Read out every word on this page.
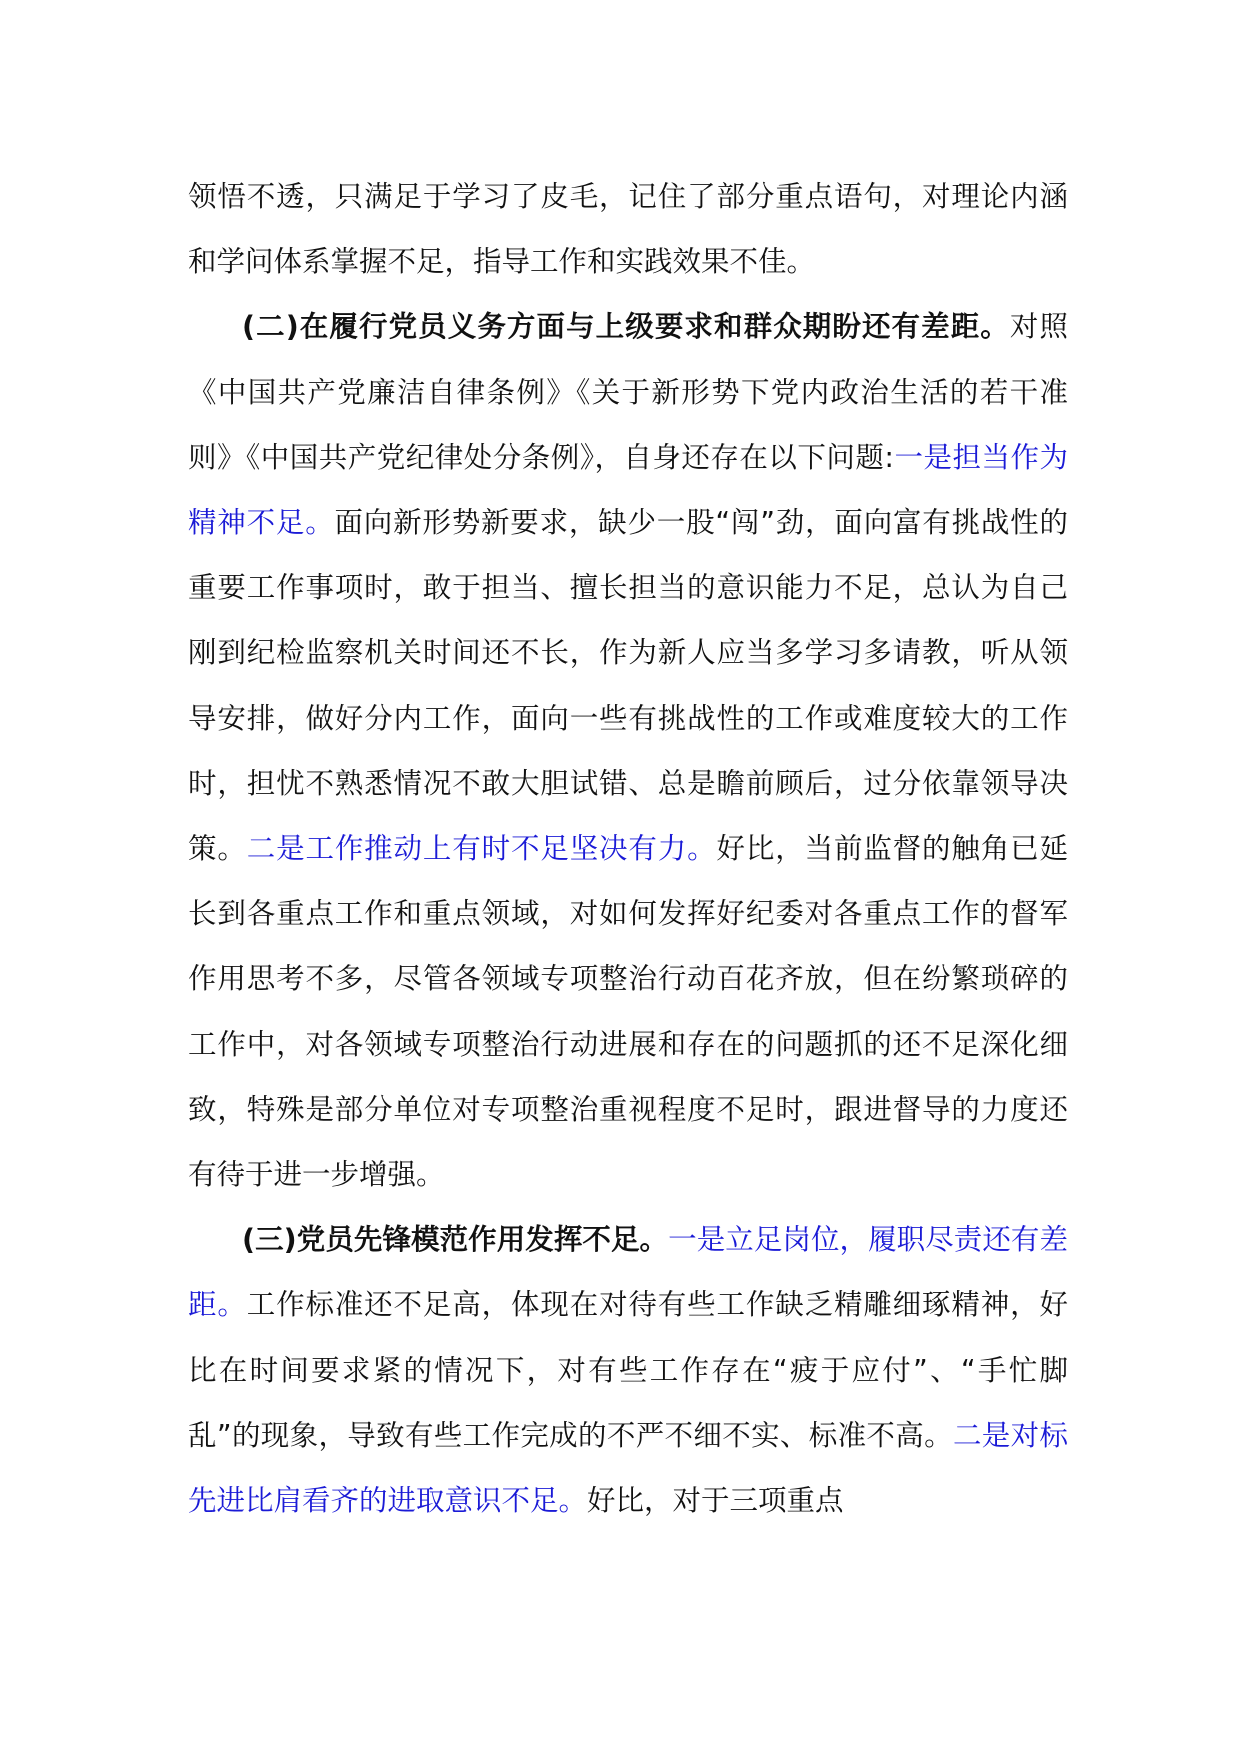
领悟不透，只满足于学习了皮毛，记住了部分重点语句，对理论内涵和学问体系掌握不足，指导工作和实践效果不佳。

(二)在履行党员义务方面与上级要求和群众期盼还有差距。对照《中国共产党廉洁自律条例》《关于新形势下党内政治生活的若干准则》《中国共产党纪律处分条例》，自身还存在以下问题:一是担当作为精神不足。面向新形势新要求，缺少一股“闯”劲，面向富有挑战性的重要工作事项时，敢于担当、擅长担当的意识能力不足，总认为自己刚到纪检监察机关时间还不长，作为新人应当多学习多请教，听从领导安排，做好分内工作，面向一些有挑战性的工作或难度较大的工作时，担忧不熟悉情况不敢大胆试错、总是瞻前顾后，过分依靠领导决策。二是工作推动上有时不足坚决有力。好比，当前监督的触角已延长到各重点工作和重点领域，对如何发挥好纪委对各重点工作的督军作用思考不多，尽管各领域专项整治行动百花齐放，但在纷繁琐碎的工作中，对各领域专项整治行动进展和存在的问题抓的还不足深化细致，特殊是部分单位对专项整治重视程度不足时，跟进督导的力度还有待于进一步增强。

(三)党员先锋模范作用发挥不足。一是立足岗位，履职尽责还有差距。工作标准还不足高，体现在对待有些工作缺乏精雕细琢精神，好比在时间要求紧的情况下，对有些工作存在“疲于应付”、“手忙脚乱”的现象，导致有些工作完成的不严不细不实、标准不高。二是对标先进比肩看齐的进取意识不足。好比，对于三项重点
